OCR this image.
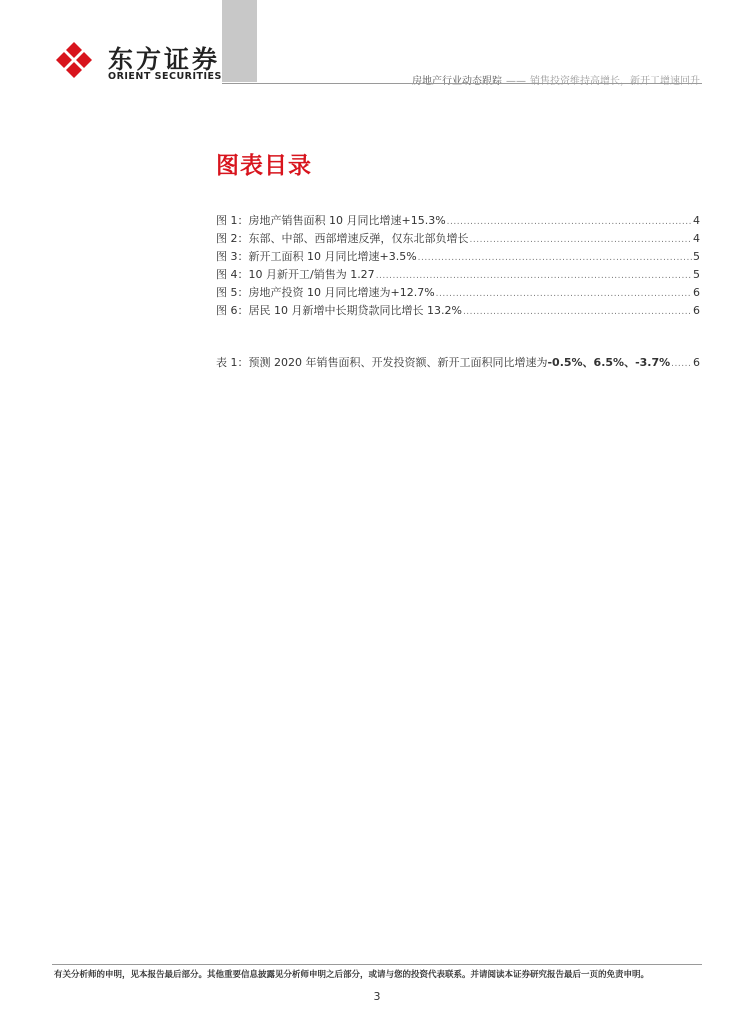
东方证券
ORIENT SECURITIES	房地产行业动态跟踪 —— 销售投资维持高增长，新开工增速回升
图表目录
图 1：房地产销售面积 10 月同比增速+15.3% .....	4
图 2：东部、中部、西部增速反弹，仅东北部负增长 .....	4
图 3：新开工面积 10 月同比增速+3.5% .....	5
图 4：10 月新开工/销售为 1.27 .....	5
图 5：房地产投资 10 月同比增速为+12.7% .....	6
图 6：居民 10 月新增中长期贷款同比增长 13.2% .....	6
表 1：预测 2020 年销售面积、开发投资额、新开工面积同比增速为-0.5%、6.5%、-3.7% ..... 6
有关分析师的申明，见本报告最后部分。其他重要信息披露见分析师申明之后部分，或请与您的投资代表联系。并请阅读本证券研究报告最后一页的免责申明。
3
